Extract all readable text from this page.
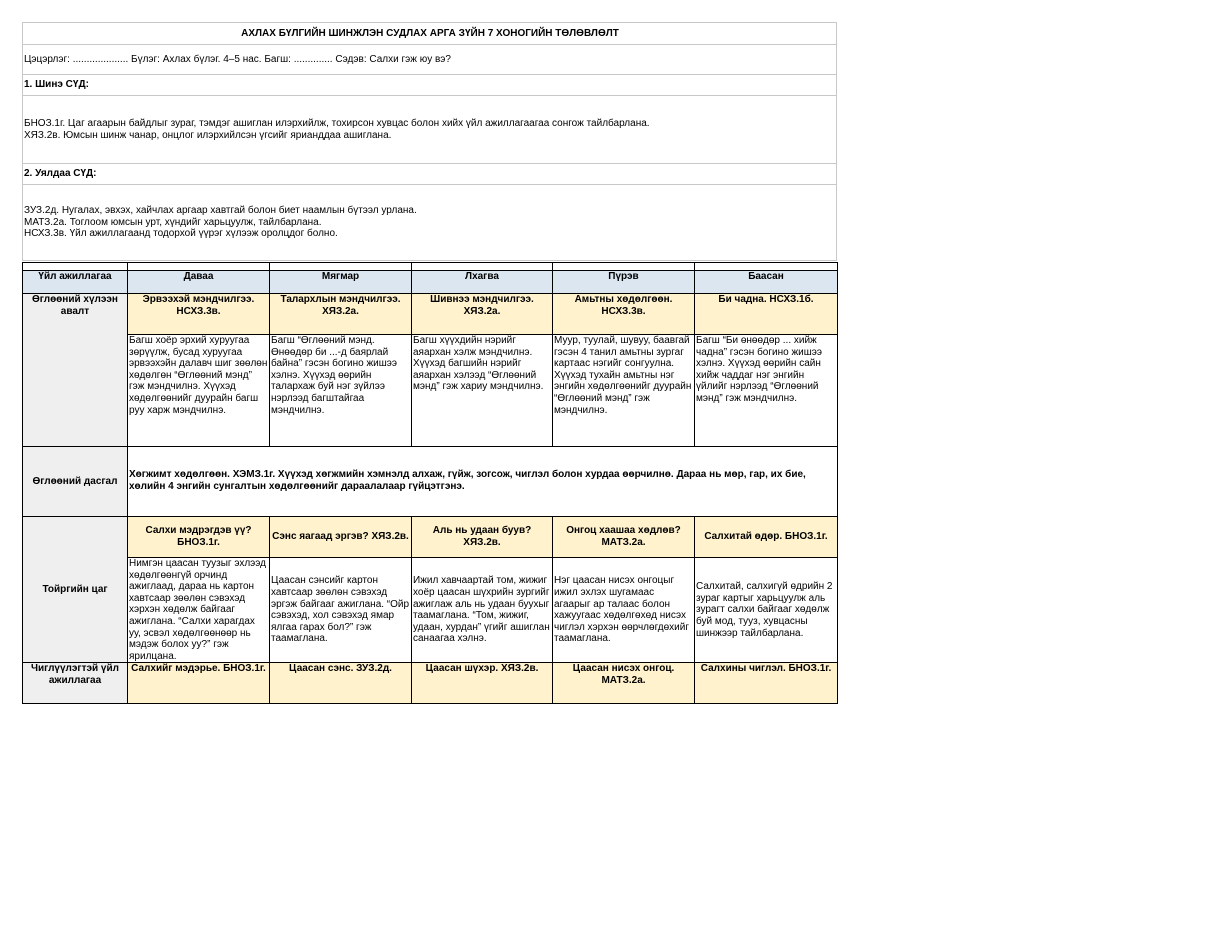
АХЛАХ БҮЛГИЙН ШИНЖЛЭН СУДЛАХ АРГА ЗҮЙН 7 ХОНОГИЙН ТӨЛӨВЛӨЛТ
Цэцэрлэг: .................... Бүлэг: Ахлах бүлэг. 4–5 нас. Багш: .............. Сэдэв: Салхи гэж юу вэ?
1. Шинэ СҮД:
БНОЗ.1г. Цаг агаарын байдлыг зураг, тэмдэг ашиглан илэрхийлж, тохирсон хувцас болон хийх үйл ажиллагаагаа сонгож тайлбарлана.
ХЯЗ.2в. Юмсын шинж чанар, онцлог илэрхийлсэн үгсийг ярианддаа ашиглана.
2. Уялдаа СҮД:
ЗУЗ.2д. Нугалах, эвхэх, хайчлах аргаар хавтгай болон биет наамлын бүтээл урлана.
МАТЗ.2а. Тоглоом юмсын урт, хүндийг харьцуулж, тайлбарлана.
НСХЗ.3в. Үйл ажиллагаанд тодорхой үүрэг хүлээж оролцдог болно.

Үйл ажиллагаа	Даваа	Мягмар	Лхагва	Пүрэв	Баасан
Өглөөний хүлээн авалт	Эрвээхэй мэндчилгээ. НСХЗ.3в.	Талархлын мэндчилгээ. ХЯЗ.2а.	Шивнээ мэндчилгээ. ХЯЗ.2а.	Амьтны хөдөлгөөн. НСХЗ.3в.	Би чадна. НСХЗ.1б.
	Багш хоёр эрхий хуруугаа зөрүүлж, бусад хуруугаа эрвээхэйн далавч шиг зөөлөн хөдөлгөн “Өглөөний мэнд” гэж мэндчилнэ. Хүүхэд хөдөлгөөнийг дуурайн багш руу харж мэндчилнэ.	Багш “Өглөөний мэнд. Өнөөдөр би ...-д баярлай байна” гэсэн богино жишээ хэлнэ. Хүүхэд өөрийн талархаж буй нэг зүйлээ нэрлээд багштайгаа мэндчилнэ.	Багш хүүхдийн нэрийг аяархан хэлж мэндчилнэ. Хүүхэд багшийн нэрийг аяархан хэлээд “Өглөөний мэнд” гэж хариу мэндчилнэ.	Муур, туулай, шувуу, баавгай гэсэн 4 танил амьтны зургаг картаас нэгийг сонгуулна. Хүүхэд тухайн амьтны нэг энгийн хөдөлгөөнийг дуурайн “Өглөөний мэнд” гэж мэндчилнэ.	Багш “Би өнөөдөр ... хийж чадна” гэсэн богино жишээ хэлнэ. Хүүхэд өөрийн сайн хийж чаддаг нэг энгийн үйлийг нэрлээд “Өглөөний мэнд” гэж мэндчилнэ.
Өглөөний дасгал	Хөгжимт хөдөлгөөн. ХЭМЗ.1г. Хүүхэд хөгжмийн хэмнэлд алхаж, гүйж, зогсож, чиглэл болон хурдаа өөрчилнө. Дараа нь мөр, гар, их бие, хөлийн 4 энгийн сунгалтын хөдөлгөөнийг дараалалаар гүйцэтгэнэ.				
Тойргийн цаг	Салхи мэдрэгдэв үү? БНОЗ.1г.	Сэнс яагаад эргэв? ХЯЗ.2в.	Аль нь удаан буув? ХЯЗ.2в.	Онгоц хаашаа хөдлөв? МАТЗ.2а.	Салхитай өдөр. БНОЗ.1г.
	Нимгэн цаасан туузыг эхлээд хөдөлгөөнгүй орчинд ажиглаад, дараа нь картон хавтсаар зөөлөн сэвэхэд хэрхэн хөдөлж байгааг ажиглана. “Салхи харагдах уу, эсвэл хөдөлгөөнөөр нь мэдэж болох уу?” гэж ярилцана.	Цаасан сэнсийг картон хавтсаар зөөлөн сэвэхэд эргэж байгааг ажиглана. “Ойр сэвэхэд, хол сэвэхэд ямар ялгаа гарах бол?” гэж таамаглана.	Ижил хавчаартай том, жижиг хоёр цаасан шүхрийн зургийг ажиглаж аль нь удаан буухыг таамаглана. “Том, жижиг, удаан, хурдан” үгийг ашиглан санаагаа хэлнэ.	Нэг цаасан нисэх онгоцыг ижил эхлэх шугамаас агаарыг ар талаас болон хажуугаас хөдөлгөхөд нисэх чиглэл хэрхэн өөрчлөгдөхийг таамаглана.	Салхитай, салхигүй өдрийн 2 зураг картыг харьцуулж аль зурагт салхи байгааг хөдөлж буй мод, тууз, хувцасны шинжээр тайлбарлана.
Чиглүүлэгтэй үйл ажиллагаа	Салхийг мэдэрье. БНОЗ.1г.	Цаасан сэнс. ЗУЗ.2д.	Цаасан шүхэр. ХЯЗ.2в.	Цаасан нисэх онгоц. МАТЗ.2а.	Салхины чиглэл. БНОЗ.1г.
